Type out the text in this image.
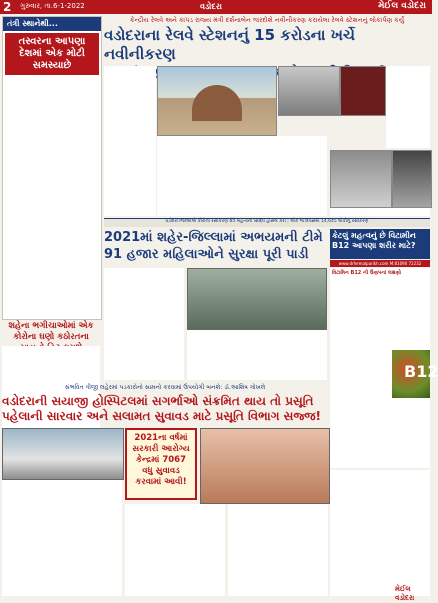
2	ગુરુવાર, તા.6-1-2022	વડોદરા	મેઈલ વડોદરા
તંત્રી સ્થાનેથી...
તસ્વરના આપણા દેશમાં એક મોટી સમસ્યાછે
શહેના ભગીચાઓમાં એક કોરોના ઘણો કઠોરતના
કેન્દ્રીય રેલવે અને કાપડ રાજ્ય મંત્રી દર્શનાબેન જરદોશે નવીનીકરણ કરાયેલા રેલવે સ્ટેશનનું લોકાર્પણ કર્યું
વડોદરાના રેલવે સ્ટેશનનું 15 કરોડના ખર્ચે નવીનીકરણ
વડોદરા જિલ્લાએ કોરોના રસીકરણ ક્ષેત્રે મહત્વની સિદ્ધિ હાંસલ કરી ; એક જ દિવસમાં 14,645 લોકોનું રસીકરણ
2021માં શહેર-જિલ્લામાં અભયમની ટીમે
91 હજાર મહિલાઓને સુરક્ષા પૂરી પાડી
કેટલું મહત્વનું છે વિટામીન B12 આપણા શરીર માટે?
www.drhemalparikh.com M:81090 72232
વિટામિન B12 ની ઉણપનાં લક્ષણો
B12
સંભવિત ત્રીજી લહેરમાં પડકારોનો સામનો કરવામાં ઉપયોગી બનશે: ડૉ.આશિષ ગોખલે
વડોદરાની સયાજી હોસ્પિટલમાં સગર્ભાઓ સંક્રમિત થાય તો પ્રસૂતિ
પહેલાની સારવાર અને સલામત સુવાવડ માટે પ્રસૂતિ વિભાગ સજ્જ!
2021ના વર્ષમાં સરકારી આરોગ્ય કેન્દ્રમાં 7067 વધુ સુવાવડ કરવામાં આવી!
મેઈલ વડોદરા
